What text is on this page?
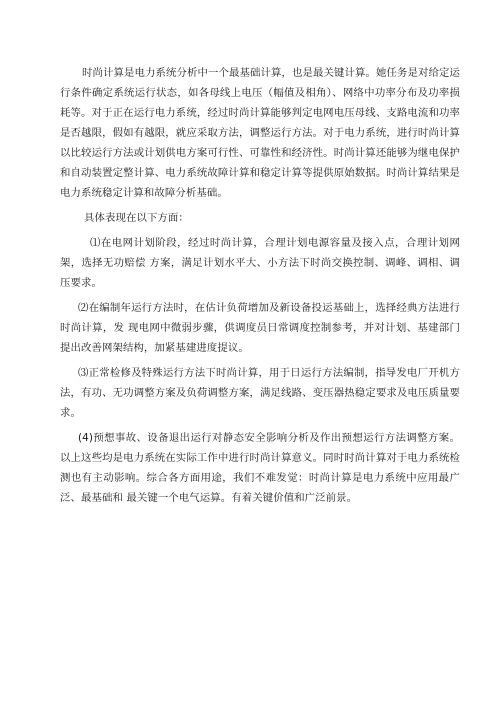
时尚计算是电力系统分析中一个最基础计算，也是最关键计算。她任务是对给定运行条件确定系统运行状态，如各母线上电压（幅值及相角）、网络中功率分布及功率损耗等。对于正在运行电力系统，经过时尚计算能够判定电网电压母线、支路电流和功率是否越限，假如有越限，就应采取方法，调整运行方法。对于电力系统，进行时尚计算以比较运行方法或计划供电方案可行性、可靠性和经济性。时尚计算还能够为继电保护和自动装置定整计算、电力系统故障计算和稳定计算等提供原始数据。时尚计算结果是电力系统稳定计算和故障分析基础。

具体表现在以下方面：

⑴在电网计划阶段，经过时尚计算，合理计划电源容量及接入点，合理计划网架，选择无功赔偿 方案，满足计划水平大、小方法下时尚交换控制、调峰、调相、调压要求。

⑵在编制年运行方法时，在估计负荷增加及新设备投运基础上，选择经典方法进行时尚计算，发 现电网中微弱步骤，供调度员日常调度控制参考，并对计划、基建部门提出改善网架结构，加紧基建进度提议。

⑶正常检修及特殊运行方法下时尚计算，用于日运行方法编制，指导发电厂开机方法，有功、无功调整方案及负荷调整方案，满足线路、变压器热稳定要求及电压质量要求。

(4)预想事故、设备退出运行对静态安全影响分析及作出预想运行方法调整方案。 以上这些均是电力系统在实际工作中进行时尚计算意义。同时时尚计算对于电力系统检测也有主动影响。综合各方面用途，我们不难发觉：时尚计算是电力系统中应用最广泛、最基础和 最关键一个电气运算。有着关键价值和广泛前景。
